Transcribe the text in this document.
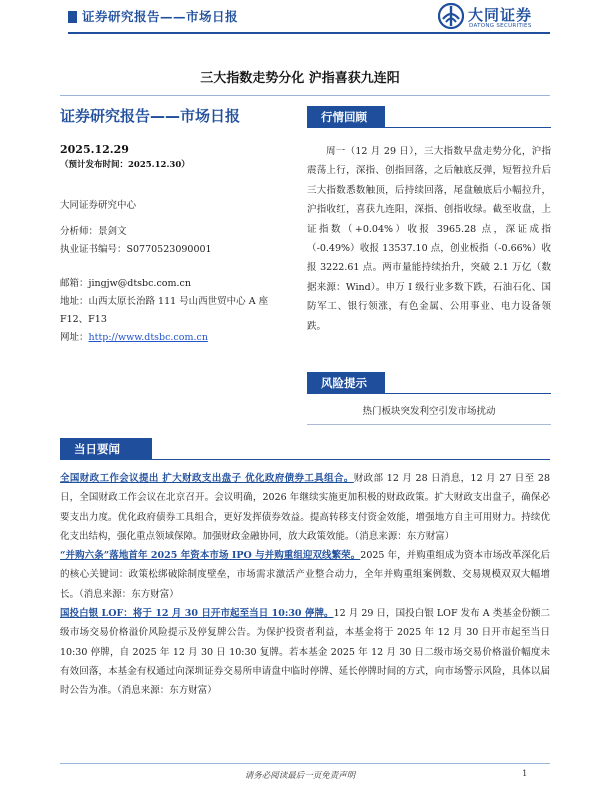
证券研究报告——市场日报	大同证券
DATONG SECURITIES
三大指数走势分化 沪指喜获九连阳
证券研究报告——市场日报
2025.12.29
（预计发布时间：2025.12.30）
大同证券研究中心
分析师：景剑文
执业证书编号：S0770523090001
邮箱：jingjw@dtsbc.com.cn
地址：山西太原长治路 111 号山西世贸中心 A 座 F12、F13
网址：http://www.dtsbc.com.cn
行情回顾
周一（12 月 29 日），三大指数早盘走势分化，沪指震荡上行，深指、创指回落，之后触底反弹，短暂拉升后三大指数悉数触顶，后持续回落，尾盘触底后小幅拉升，沪指收红，喜获九连阳，深指、创指收绿。截至收盘，上证指数（+0.04%）收报 3965.28 点，深证成指（-0.49%）收报 13537.10 点，创业板指（-0.66%）收报 3222.61 点。两市量能持续抬升，突破 2.1 万亿（数据来源：Wind）。申万 I 级行业多数下跌，石油石化、国防军工、银行领涨，有色金属、公用事业、电力设备领跌。
风险提示
热门板块突发利空引发市场扰动
当日要闻

全国财政工作会议提出 扩大财政支出盘子 优化政府债券工具组合。财政部 12 月 28 日消息，12 月 27 日至 28 日，全国财政工作会议在北京召开。会议明确，2026 年继续实施更加积极的财政政策。扩大财政支出盘子，确保必要支出力度。优化政府债券工具组合，更好发挥债券效益。提高转移支付资金效能，增强地方自主可用财力。持续优化支出结构，强化重点领域保障。加强财政金融协同，放大政策效能。（消息来源：东方财富）

“并购六条”落地首年 2025 年资本市场 IPO 与并购重组迎双线繁荣。2025 年，并购重组成为资本市场改革深化后的核心关键词：政策松绑破除制度壁垒，市场需求激活产业整合动力，全年并购重组案例数、交易规模双双大幅增长。（消息来源：东方财富）

国投白银 LOF：将于 12 月 30 日开市起至当日 10:30 停牌。12 月 29 日，国投白银 LOF 发布 A 类基金份额二级市场交易价格溢价风险提示及停复牌公告。为保护投资者利益，本基金将于 2025 年 12 月 30 日开市起至当日 10:30 停牌，自 2025 年 12 月 30 日 10:30 复牌。若本基金 2025 年 12 月 30 日二级市场交易价格溢价幅度未有效回落，本基金有权通过向深圳证券交易所申请盘中临时停牌、延长停牌时间的方式，向市场警示风险，具体以届时公告为准。（消息来源：东方财富）

请务必阅读最后一页免责声明	1
